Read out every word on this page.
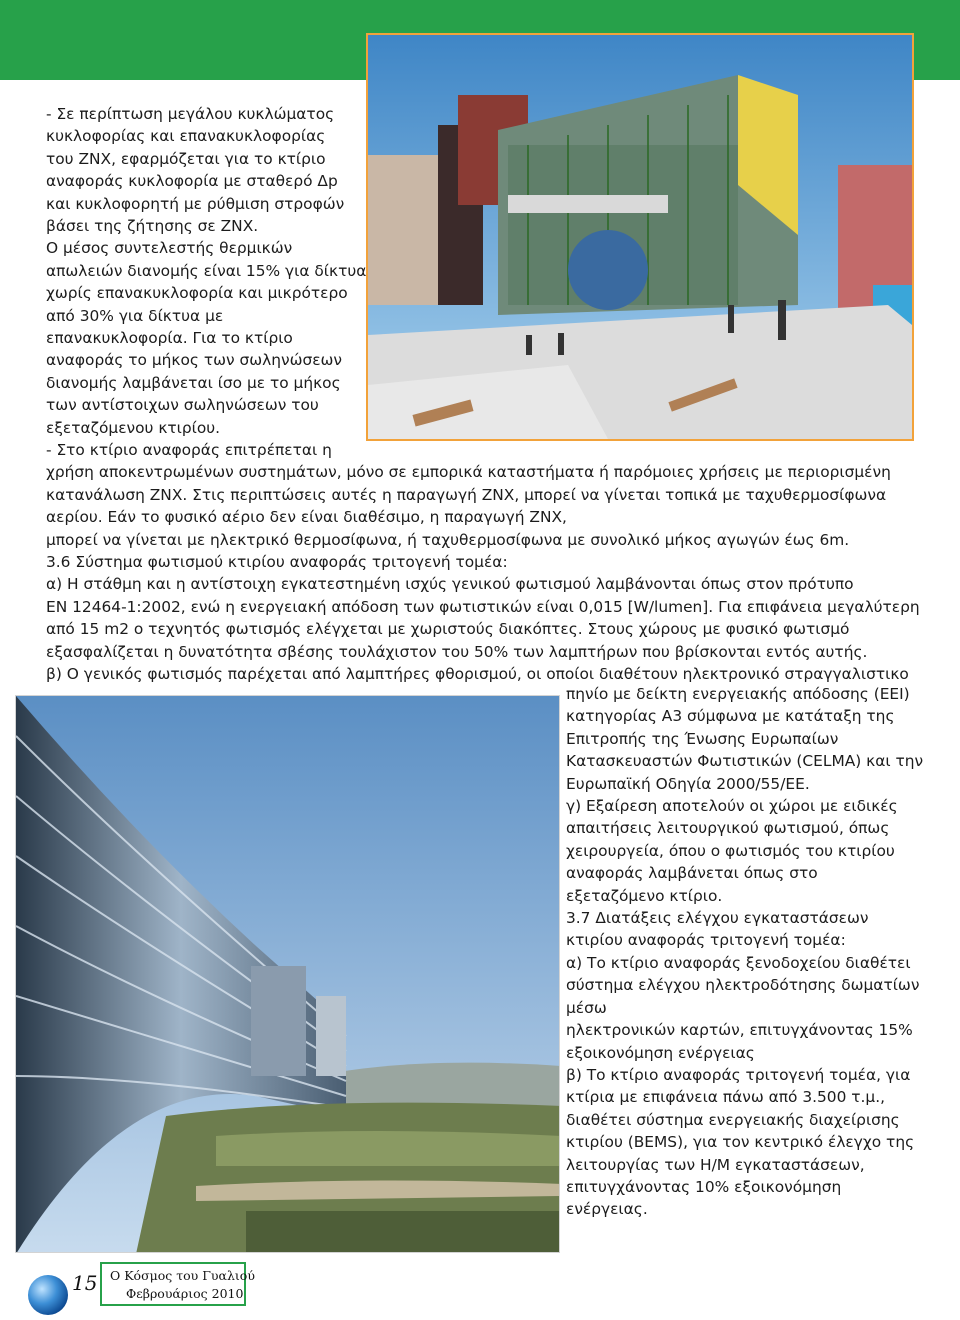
- Σε περίπτωση μεγάλου κυκλώματος

κυκλοφορίας και επανακυκλοφορίας

του ΖΝΧ, εφαρμόζεται για το κτίριο

αναφοράς κυκλοφορία με σταθερό Δp

και κυκλοφορητή με ρύθμιση στροφών

βάσει της ζήτησης σε ΖΝΧ.

Ο μέσος συντελεστής θερμικών

απωλειών διανομής είναι 15% για δίκτυα

χωρίς επανακυκλοφορία και μικρότερο

από 30% για δίκτυα με

επανακυκλοφορία. Για το κτίριο

αναφοράς το μήκος των σωληνώσεων

διανομής λαμβάνεται ίσο με το μήκος

των αντίστοιχων σωληνώσεων του

εξεταζόμενου κτιρίου.

- Στο κτίριο αναφοράς επιτρέπεται η

χρήση αποκεντρωμένων συστημάτων, μόνο σε εμπορικά καταστήματα ή παρόμοιες χρήσεις με περιορισμένη

κατανάλωση ΖΝΧ. Στις περιπτώσεις αυτές η παραγωγή ΖΝΧ, μπορεί να γίνεται τοπικά με ταχυθερμοσίφωνα

αερίου. Εάν το φυσικό αέριο δεν είναι διαθέσιμο, η παραγωγή ΖΝΧ,

μπορεί να γίνεται με ηλεκτρικό θερμοσίφωνα, ή ταχυθερμοσίφωνα με συνολικό μήκος αγωγών έως 6m.

3.6 Σύστημα φωτισμού κτιρίου αναφοράς τριτογενή τομέα:

α) Η στάθμη και η αντίστοιχη εγκατεστημένη ισχύς γενικού φωτισμού λαμβάνονται όπως στον πρότυπο

ΕΝ 12464-1:2002, ενώ η ενεργειακή απόδοση των φωτιστικών είναι 0,015 [W/lumen]. Για επιφάνεια μεγαλύτερη

από 15 m2 ο τεχνητός φωτισμός ελέγχεται με χωριστούς διακόπτες. Στους χώρους με φυσικό φωτισμό

εξασφαλίζεται η δυνατότητα σβέσης τουλάχιστον του 50% των λαμπτήρων που βρίσκονται εντός αυτής.

β) Ο γενικός φωτισμός παρέχεται από λαμπτήρες φθορισμού, οι οποίοι διαθέτουν ηλεκτρονικό στραγγαλιστικο

πηνίο με δείκτη ενεργειακής απόδοσης (EEI)

κατηγορίας Α3 σύμφωνα με κατάταξη της

Επιτροπής της Ένωσης Ευρωπαίων

Κατασκευαστών Φωτιστικών (CELMA) και την

Ευρωπαϊκή Οδηγία 2000/55/ΕΕ.

γ) Εξαίρεση αποτελούν οι χώροι με ειδικές

απαιτήσεις λειτουργικού φωτισμού, όπως

χειρουργεία, όπου ο φωτισμός του κτιρίου

αναφοράς λαμβάνεται όπως στο

εξεταζόμενο κτίριο.

3.7 Διατάξεις ελέγχου εγκαταστάσεων

κτιρίου αναφοράς τριτογενή τομέα:

α) Το κτίριο αναφοράς ξενοδοχείου διαθέτει

σύστημα ελέγχου ηλεκτροδότησης δωματίων

μέσω

ηλεκτρονικών καρτών, επιτυγχάνοντας 15%

εξοικονόμηση ενέργειας

β) Το κτίριο αναφοράς τριτογενή τομέα, για

κτίρια με επιφάνεια πάνω από 3.500 τ.μ.,

διαθέτει σύστημα ενεργειακής διαχείρισης

κτιρίου (BEMS), για τον κεντρικό έλεγχο της

λειτουργίας των Η/Μ εγκαταστάσεων,

επιτυγχάνοντας 10% εξοικονόμηση

ενέργειας.

15 Ο Κόσμος του Γυαλιού
Φεβρουάριος 2010
